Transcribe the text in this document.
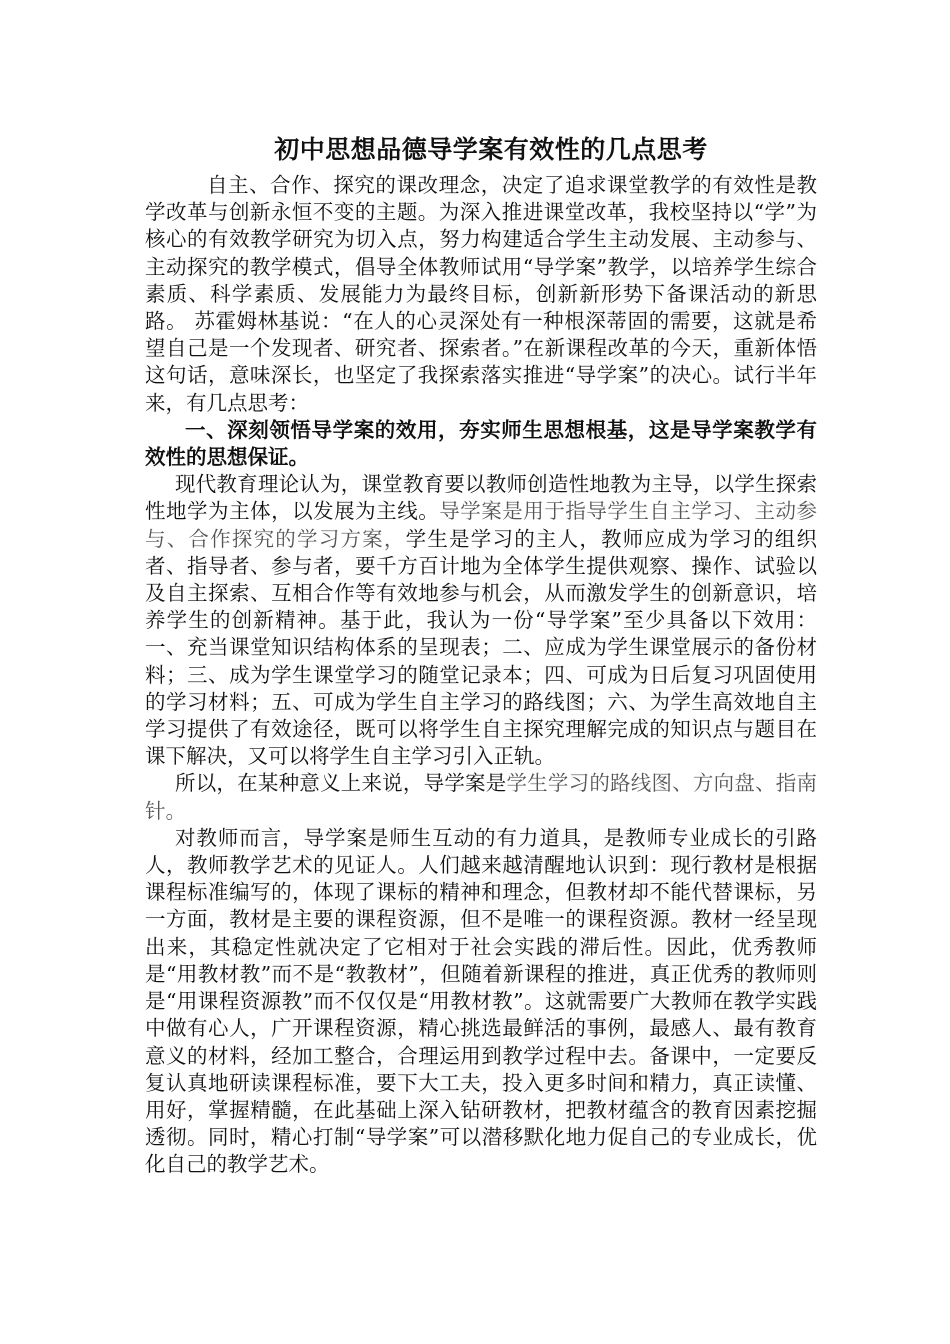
初中思想品德导学案有效性的几点思考

自主、合作、探究的课改理念，决定了追求课堂教学的有效性是教学改革与创新永恒不变的主题。为深入推进课堂改革，我校坚持以“学”为核心的有效教学研究为切入点，努力构建适合学生主动发展、主动参与、主动探究的教学模式，倡导全体教师试用“导学案”教学，以培养学生综合素质、科学素质、发展能力为最终目标，创新新形势下备课活动的新思路。 苏霍姆林基说：“在人的心灵深处有一种根深蒂固的需要，这就是希望自己是一个发现者、研究者、探索者。”在新课程改革的今天，重新体悟这句话，意味深长，也坚定了我探索落实推进“导学案”的决心。试行半年来，有几点思考：

一、深刻领悟导学案的效用，夯实师生思想根基，这是导学案教学有效性的思想保证。

现代教育理论认为，课堂教育要以教师创造性地教为主导，以学生探索性地学为主体，以发展为主线。导学案是用于指导学生自主学习、主动参与、合作探究的学习方案，学生是学习的主人，教师应成为学习的组织者、指导者、参与者，要千方百计地为全体学生提供观察、操作、试验以及自主探索、互相合作等有效地参与机会，从而激发学生的创新意识，培养学生的创新精神。基于此，我认为一份“导学案”至少具备以下效用：一、充当课堂知识结构体系的呈现表；二、应成为学生课堂展示的备份材料；三、成为学生课堂学习的随堂记录本；四、可成为日后复习巩固使用的学习材料；五、可成为学生自主学习的路线图；六、为学生高效地自主学习提供了有效途径，既可以将学生自主探究理解完成的知识点与题目在课下解决，又可以将学生自主学习引入正轨。

所以，在某种意义上来说，导学案是学生学习的路线图、方向盘、指南针。

对教师而言，导学案是师生互动的有力道具，是教师专业成长的引路人，教师教学艺术的见证人。人们越来越清醒地认识到：现行教材是根据课程标准编写的，体现了课标的精神和理念，但教材却不能代替课标，另一方面，教材是主要的课程资源，但不是唯一的课程资源。教材一经呈现出来，其稳定性就决定了它相对于社会实践的滞后性。因此，优秀教师是“用教材教”而不是“教教材”，但随着新课程的推进，真正优秀的教师则是“用课程资源教”而不仅仅是“用教材教”。这就需要广大教师在教学实践中做有心人，广开课程资源，精心挑选最鲜活的事例，最感人、最有教育意义的材料，经加工整合，合理运用到教学过程中去。备课中，一定要反复认真地研读课程标准，要下大工夫，投入更多时间和精力，真正读懂、用好，掌握精髓，在此基础上深入钻研教材，把教材蕴含的教育因素挖掘透彻。同时，精心打制“导学案”可以潜移默化地力促自己的专业成长，优化自己的教学艺术。
